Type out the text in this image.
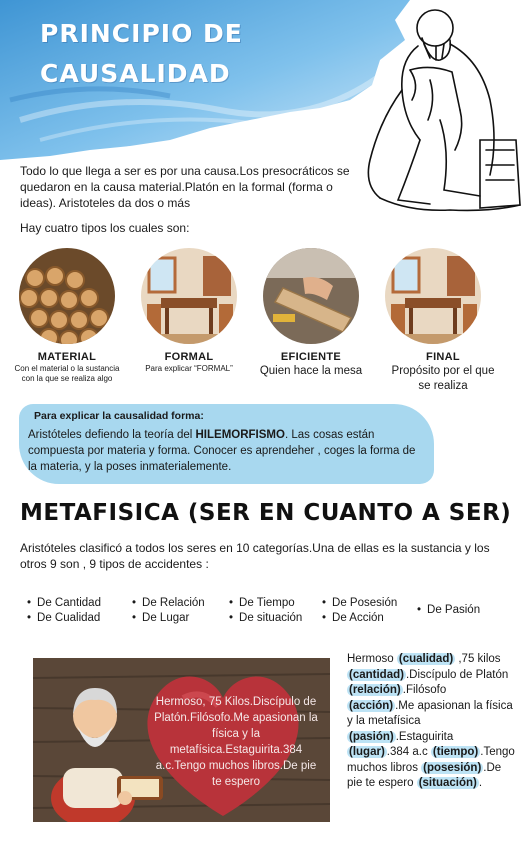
PRINCIPIO DE
CAUSALIDAD
Todo lo que llega a ser es por una causa.Los presocráticos se quedaron en la causa material.Platón en la formal (forma o ideas). Aristoteles da dos o más
Hay cuatro tipos los cuales son:
MATERIAL
Con el material o la sustancia con la que se realiza algo
FORMAL
Para explicar “FORMAL”
EFICIENTE
Quien hace la mesa
FINAL
Propósito por el que se realiza
Para explicar la causalidad forma:
Aristóteles defiendo la teoría del HILEMORFISMO. Las cosas están compuesta por materia y forma. Conocer es aprendeher , coges la forma de la materia, y la poses inmaterialemente.
METAFISICA (SER EN CUANTO A SER)
Aristóteles clasificó a todos los seres en 10 categorías.Una de ellas es la sustancia y los otros 9 son , 9 tipos de accidentes :
• De Cantidad
• De Cualidad
• De Relación
• De Lugar
• De Tiempo
• De situación
• De Posesión
• De Acción
• De Pasión
Hermoso, 75 Kilos.Discípulo de Platón.Filósofo.Me apasionan la física y la metafísica.Estaguirita.384 a.c.Tengo muchos libros.De pie te espero
Hermoso (cualidad) ,75 kilos (cantidad) .Discípulo de Platón (relación) .Filósofo (acción) .Me apasionan la física y la metafísica (pasión) .Estaguirita (lugar) .384 a.c (tiempo) .Tengo muchos libros (posesión) .De pie te espero (situación) .
